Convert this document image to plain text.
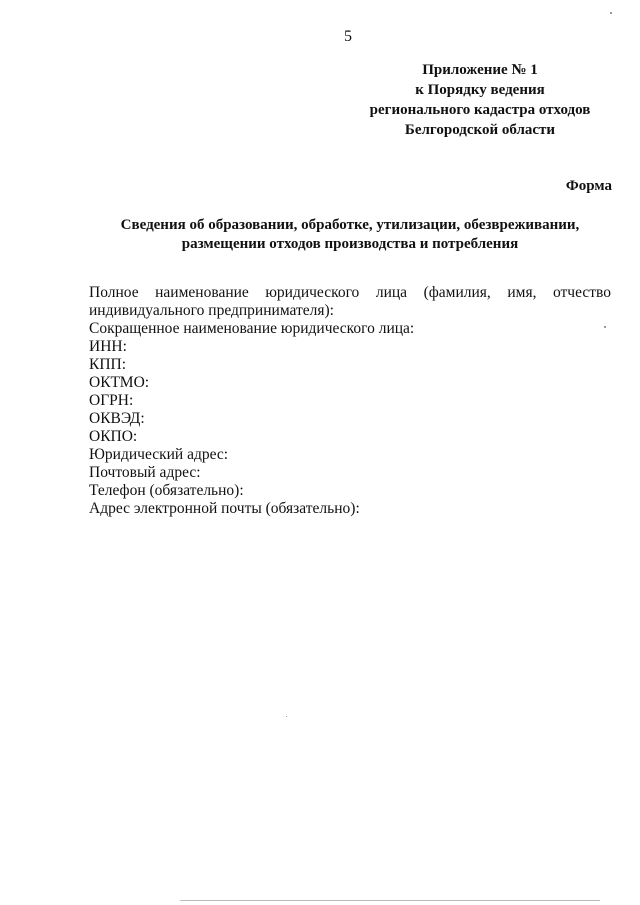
5
Приложение № 1
к Порядку ведения
регионального кадастра отходов
Белгородской области
Форма
Сведения об образовании, обработке, утилизации, обезвреживании,
размещении отходов производства и потребления
Полное наименование юридического лица (фамилия, имя, отчество
индивидуального предпринимателя):
Сокращенное наименование юридического лица:
ИНН:
КПП:
ОКТМО:
ОГРН:
ОКВЭД:
ОКПО:
Юридический адрес:
Почтовый адрес:
Телефон (обязательно):
Адрес электронной почты (обязательно):
